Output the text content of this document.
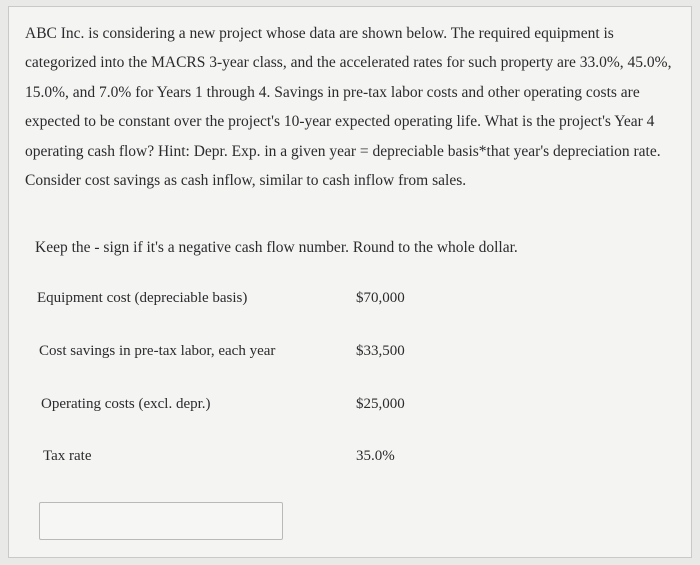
ABC Inc. is considering a new project whose data are shown below. The required equipment is categorized into the MACRS 3-year class, and the accelerated rates for such property are 33.0%, 45.0%, 15.0%, and 7.0% for Years 1 through 4. Savings in pre-tax labor costs and other operating costs are expected to be constant over the project's 10-year expected operating life. What is the project's Year 4 operating cash flow? Hint: Depr. Exp. in a given year = depreciable basis*that year's depreciation rate. Consider cost savings as cash inflow, similar to cash inflow from sales.

Keep the - sign if it's a negative cash flow number. Round to the whole dollar.

Equipment cost (depreciable basis)	$70,000
Cost savings in pre-tax labor, each year	$33,500
Operating costs (excl. depr.)	$25,000
Tax rate	35.0%
